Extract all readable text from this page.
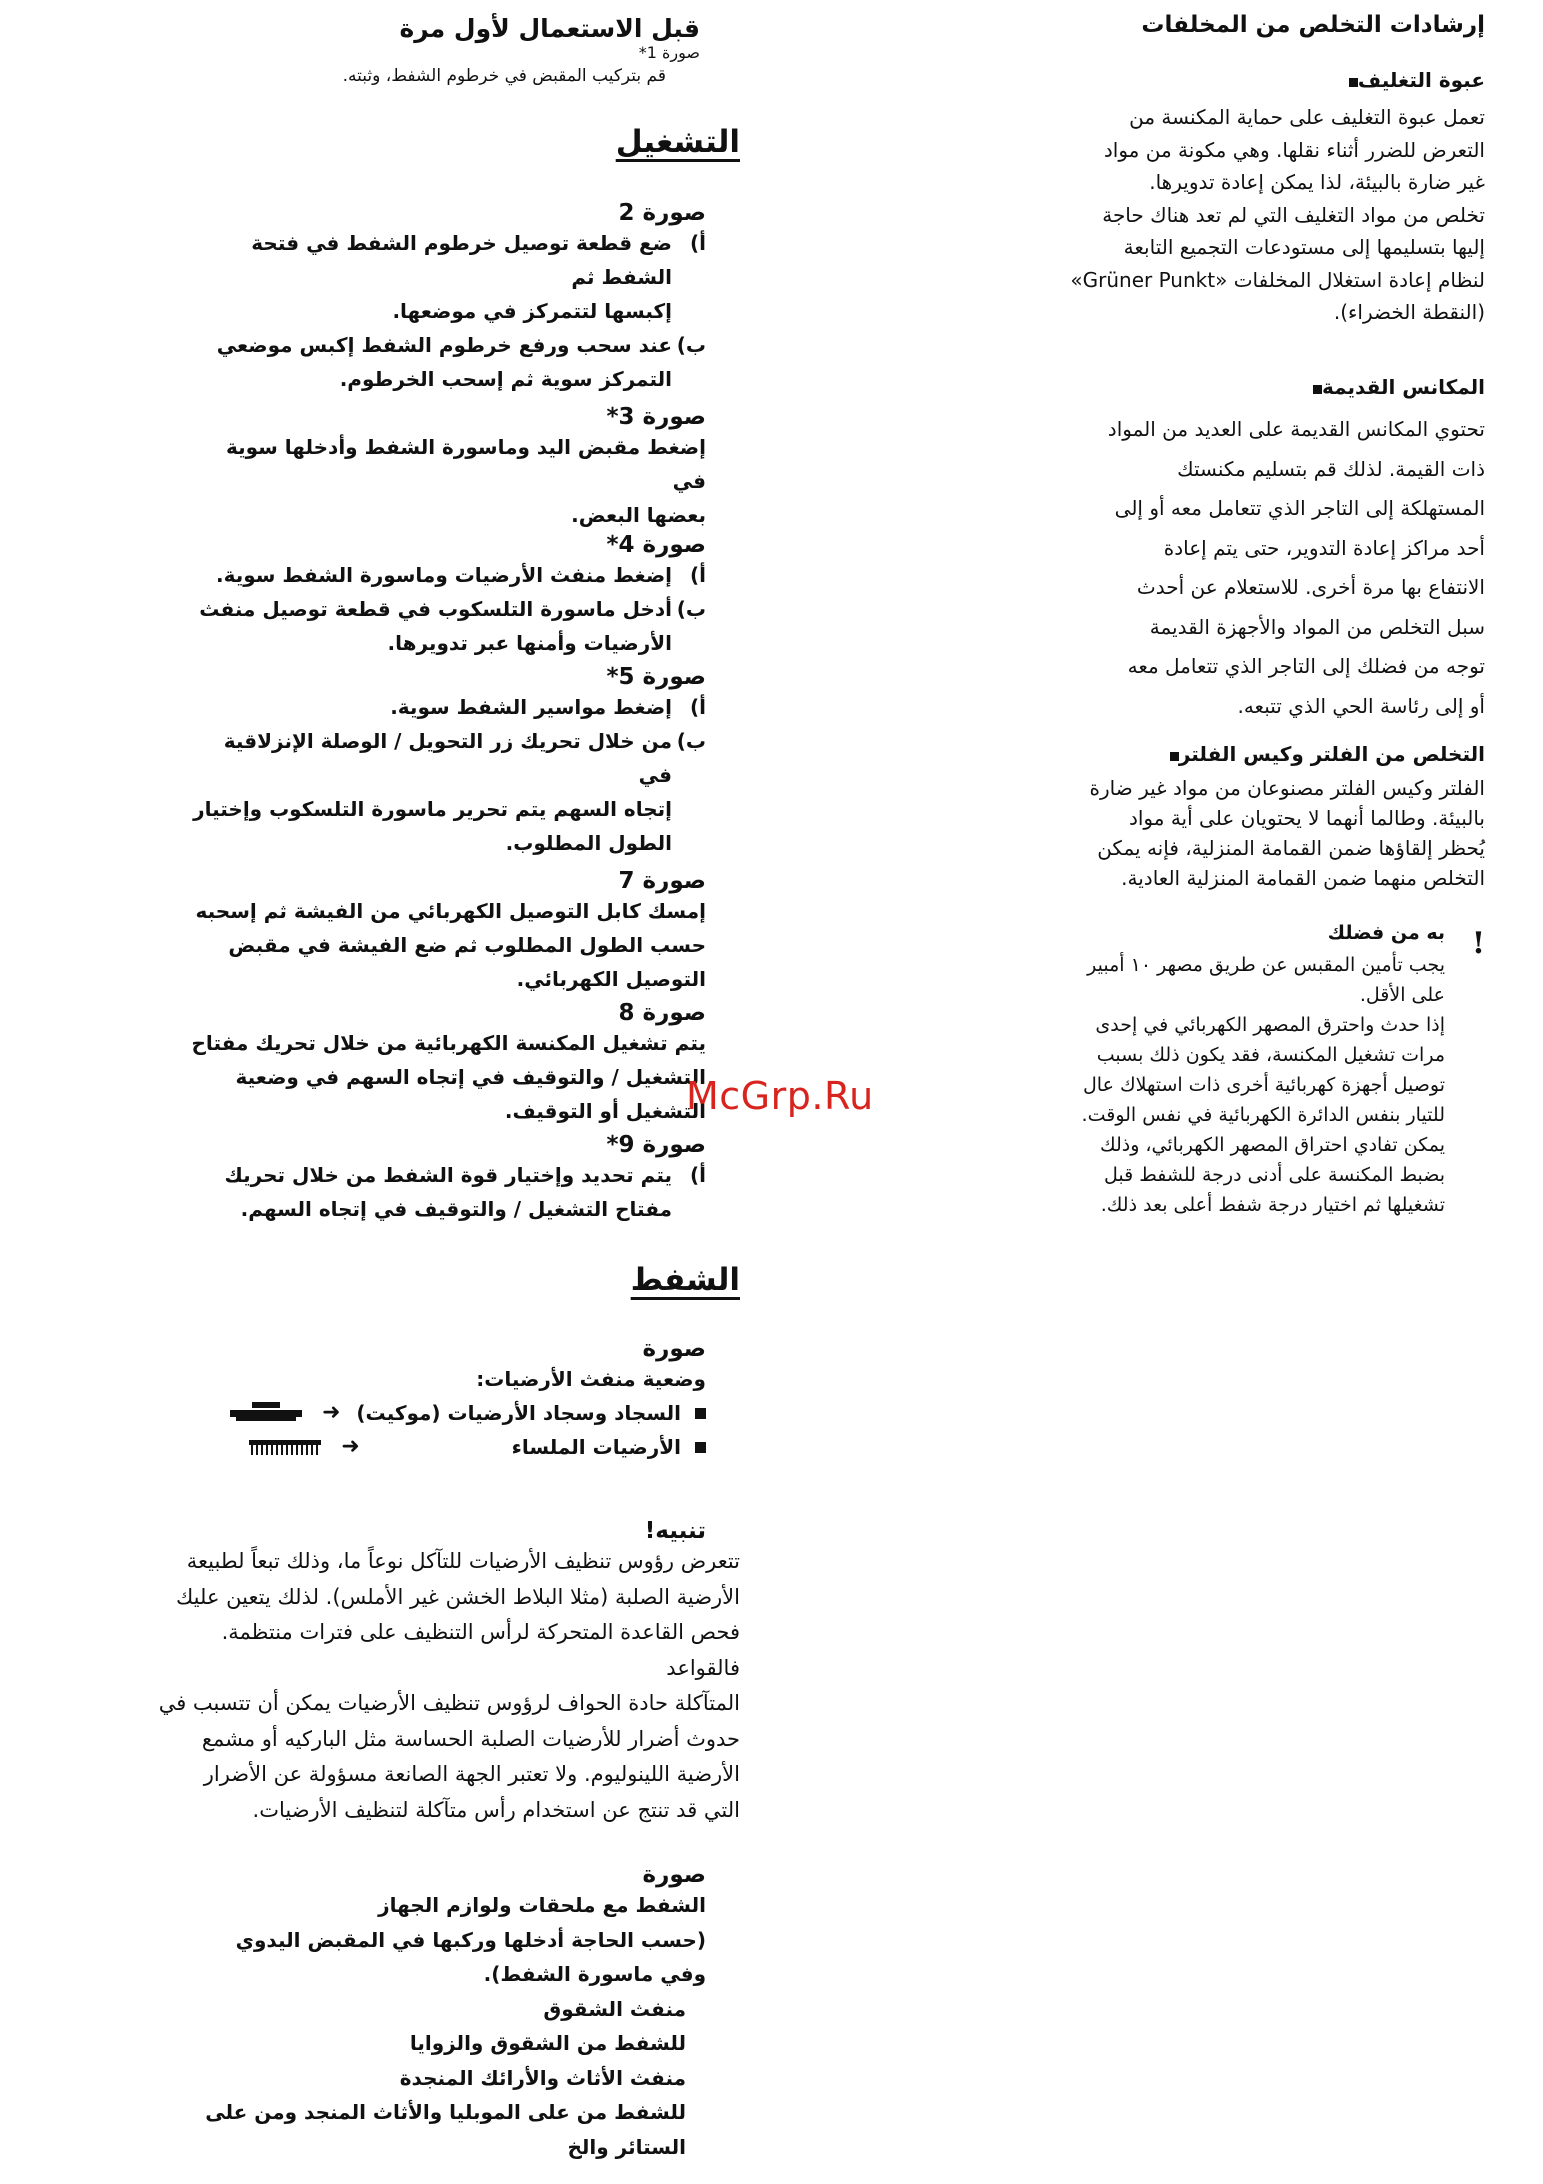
إرشادات التخلص من المخلفات
عبوة التغليف

تعمل عبوة التغليف على حماية المكنسة من

التعرض للضرر أثناء نقلها. وهي مكونة من مواد

غير ضارة بالبيئة، لذا يمكن إعادة تدويرها.

تخلص من مواد التغليف التي لم تعد هناك حاجة

إليها بتسليمها إلى مستودعات التجميع التابعة

لنظام إعادة استغلال المخلفات «Grüner Punkt»

(النقطة الخضراء).

المكانس القديمة

تحتوي المكانس القديمة على العديد من المواد

ذات القيمة. لذلك قم بتسليم مكنستك

المستهلكة إلى التاجر الذي تتعامل معه أو إلى

أحد مراكز إعادة التدوير، حتى يتم إعادة

الانتفاع بها مرة أخرى. للاستعلام عن أحدث

سبل التخلص من المواد والأجهزة القديمة

توجه من فضلك إلى التاجر الذي تتعامل معه

أو إلى رئاسة الحي الذي تتبعه.

التخلص من الفلتر وكيس الفلتر

الفلتر وكيس الفلتر مصنوعان من مواد غير ضارة

بالبيئة. وطالما أنهما لا يحتويان على أية مواد

يُحظر إلقاؤها ضمن القمامة المنزلية، فإنه يمكن

التخلص منهما ضمن القمامة المنزلية العادية.

!

به من فضلك

يجب تأمين المقبس عن طريق مصهر ١٠ أمبير

على الأقل.

إذا حدث واحترق المصهر الكهربائي في إحدى

مرات تشغيل المكنسة، فقد يكون ذلك بسبب

توصيل أجهزة كهربائية أخرى ذات استهلاك عال

للتيار بنفس الدائرة الكهربائية في نفس الوقت.

يمكن تفادي احتراق المصهر الكهربائي، وذلك

بضبط المكنسة على أدنى درجة للشفط قبل

تشغيلها ثم اختيار درجة شفط أعلى بعد ذلك.

قبل الاستعمال لأول مرة

صورة 1*

قم بتركيب المقبض في خرطوم الشفط، وثبته.

التشغيل

صورة 2

أ)

ضع قطعة توصيل خرطوم الشفط في فتحة الشفط ثم

إكبسها لتتمركز في موضعها.

ب)

عند سحب ورفع خرطوم الشفط إكبس موضعي

التمركز سوية ثم إسحب الخرطوم.

صورة 3*

إضغط مقبض اليد وماسورة الشفط وأدخلها سوية في

بعضها البعض.

صورة 4*

أ)

إضغط منفث الأرضيات وماسورة الشفط سوية.

ب)

أدخل ماسورة التلسكوب في قطعة توصيل منفث

الأرضيات وأمنها عبر تدويرها.

صورة 5*

أ)

إضغط مواسير الشفط سوية.

ب)

من خلال تحريك زر التحويل / الوصلة الإنزلاقية في

إتجاه السهم يتم تحرير ماسورة التلسكوب وإختيار

الطول المطلوب.

صورة 7

إمسك كابل التوصيل الكهربائي من الفيشة ثم إسحبه

حسب الطول المطلوب ثم ضع الفيشة في مقبض

التوصيل الكهربائي.

صورة 8

يتم تشغيل المكنسة الكهربائية من خلال تحريك مفتاح

التشغيل / والتوقيف في إتجاه السهم في وضعية

التشغيل أو التوقيف.

صورة 9*

أ)

يتم تحديد وإختيار قوة الشفط من خلال تحريك

مفتاح التشغيل / والتوقيف في إتجاه السهم.

الشفط

صورة

وضعية منفث الأرضيات:

السجاد وسجاد الأرضيات (موكيت)
➜
الأرضيات الملساء
➜

تنبيه!

تتعرض رؤوس تنظيف الأرضيات للتآكل نوعاً ما، وذلك تبعاً لطبيعة

الأرضية الصلبة (مثلا البلاط الخشن غير الأملس). لذلك يتعين عليك

فحص القاعدة المتحركة لرأس التنظيف على فترات منتظمة. فالقواعد

المتآكلة حادة الحواف لرؤوس تنظيف الأرضيات يمكن أن تتسبب في

حدوث أضرار للأرضيات الصلبة الحساسة مثل الباركيه أو مشمع

الأرضية اللينوليوم. ولا تعتبر الجهة الصانعة مسؤولة عن الأضرار

التي قد تنتج عن استخدام رأس متآكلة لتنظيف الأرضيات.

صورة

الشفط مع ملحقات ولوازم الجهاز

(حسب الحاجة أدخلها وركبها في المقبض اليدوي

وفي ماسورة الشفط).

منفث الشقوق

للشفط من الشقوق والزوايا

منفث الأثاث والأرائك المنجدة

للشفط من على الموبليا والأثاث المنجد ومن على

الستائر والخ

McGrp.Ru
